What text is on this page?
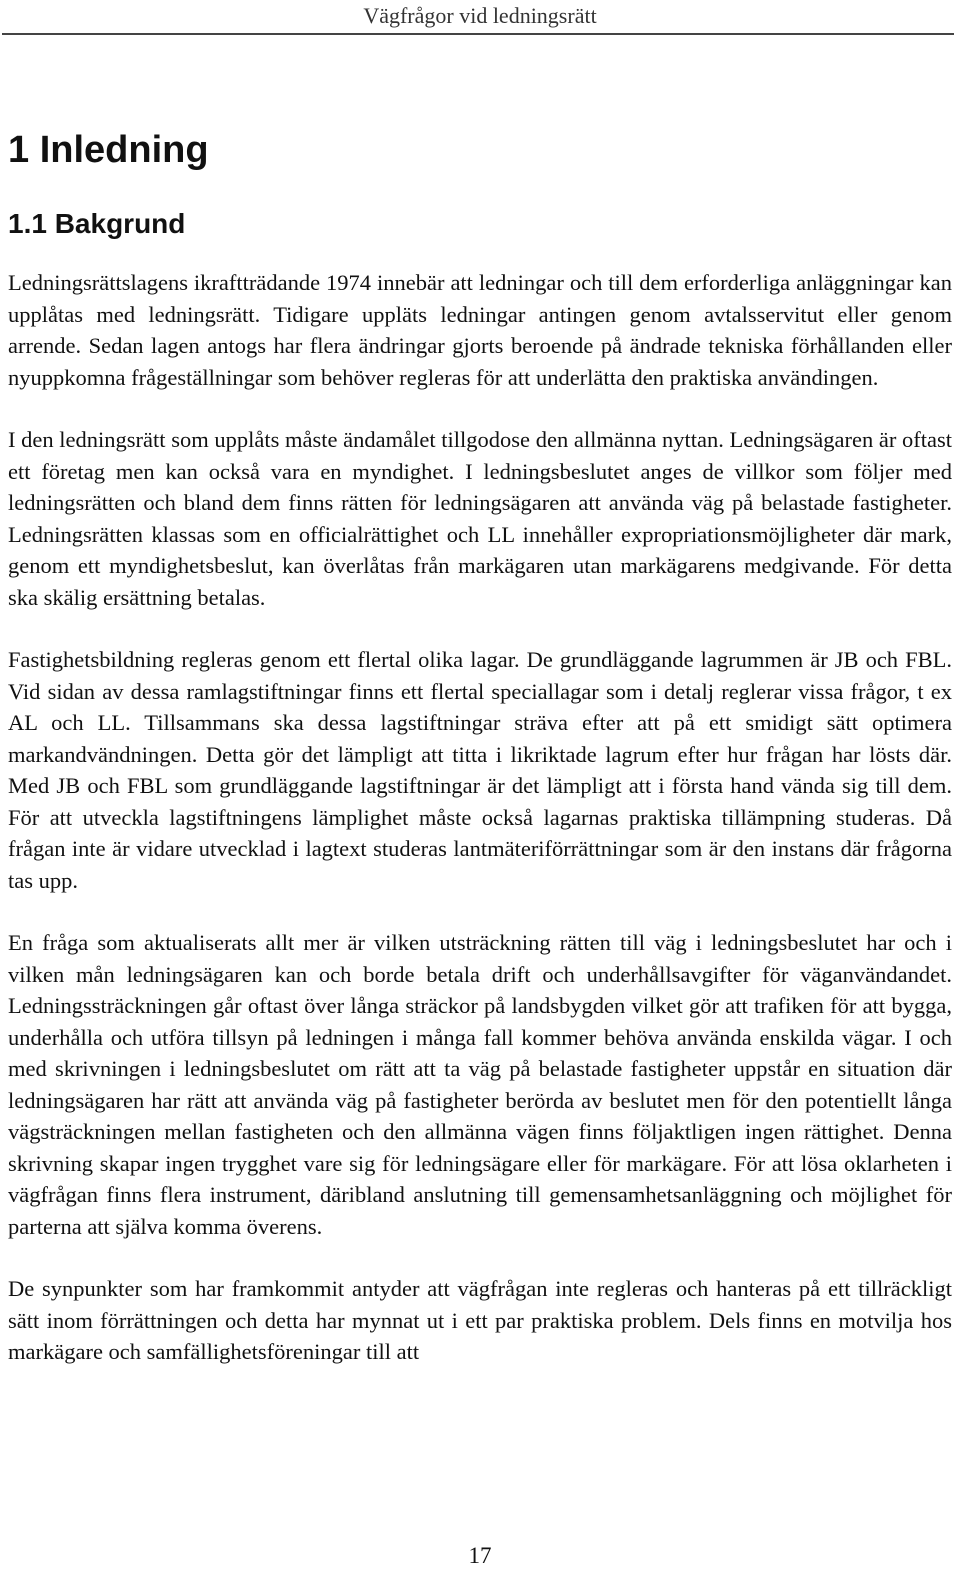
Vägfrågor vid ledningsrätt
1 Inledning
1.1 Bakgrund

Ledningsrättslagens ikraftträdande 1974 innebär att ledningar och till dem erforderliga anläggningar kan upplåtas med ledningsrätt. Tidigare uppläts ledningar antingen genom avtalsservitut eller genom arrende. Sedan lagen antogs har flera ändringar gjorts beroende på ändrade tekniska förhållanden eller nyuppkomna frågeställningar som behöver regleras för att underlätta den praktiska användingen.

I den ledningsrätt som upplåts måste ändamålet tillgodose den allmänna nyttan. Ledningsägaren är oftast ett företag men kan också vara en myndighet. I ledningsbeslutet anges de villkor som följer med ledningsrätten och bland dem finns rätten för ledningsägaren att använda väg på belastade fastigheter. Ledningsrätten klassas som en officialrättighet och LL innehåller expropriationsmöjligheter där mark, genom ett myndighetsbeslut, kan överlåtas från markägaren utan markägarens medgivande. För detta ska skälig ersättning betalas.

Fastighetsbildning regleras genom ett flertal olika lagar. De grundläggande lagrummen är JB och FBL. Vid sidan av dessa ramlagstiftningar finns ett flertal speciallagar som i detalj reglerar vissa frågor, t ex AL och LL. Tillsammans ska dessa lagstiftningar sträva efter att på ett smidigt sätt optimera markandvändningen. Detta gör det lämpligt att titta i likriktade lagrum efter hur frågan har lösts där. Med JB och FBL som grundläggande lagstiftningar är det lämpligt att i första hand vända sig till dem. För att utveckla lagstiftningens lämplighet måste också lagarnas praktiska tillämpning studeras. Då frågan inte är vidare utvecklad i lagtext studeras lantmäteriförrättningar som är den instans där frågorna tas upp.

En fråga som aktualiserats allt mer är vilken utsträckning rätten till väg i ledningsbeslutet har och i vilken mån ledningsägaren kan och borde betala drift och underhållsavgifter för väganvändandet. Ledningssträckningen går oftast över långa sträckor på landsbygden vilket gör att trafiken för att bygga, underhålla och utföra tillsyn på ledningen i många fall kommer behöva använda enskilda vägar. I och med skrivningen i ledningsbeslutet om rätt att ta väg på belastade fastigheter uppstår en situation där ledningsägaren har rätt att använda väg på fastigheter berörda av beslutet men för den potentiellt långa vägsträckningen mellan fastigheten och den allmänna vägen finns följaktligen ingen rättighet. Denna skrivning skapar ingen trygghet vare sig för ledningsägare eller för markägare. För att lösa oklarheten i vägfrågan finns flera instrument, däribland anslutning till gemensamhetsanläggning och möjlighet för parterna att själva komma överens.

De synpunkter som har framkommit antyder att vägfrågan inte regleras och hanteras på ett tillräckligt sätt inom förrättningen och detta har mynnat ut i ett par praktiska problem. Dels finns en motvilja hos markägare och samfällighetsföreningar till att

17
